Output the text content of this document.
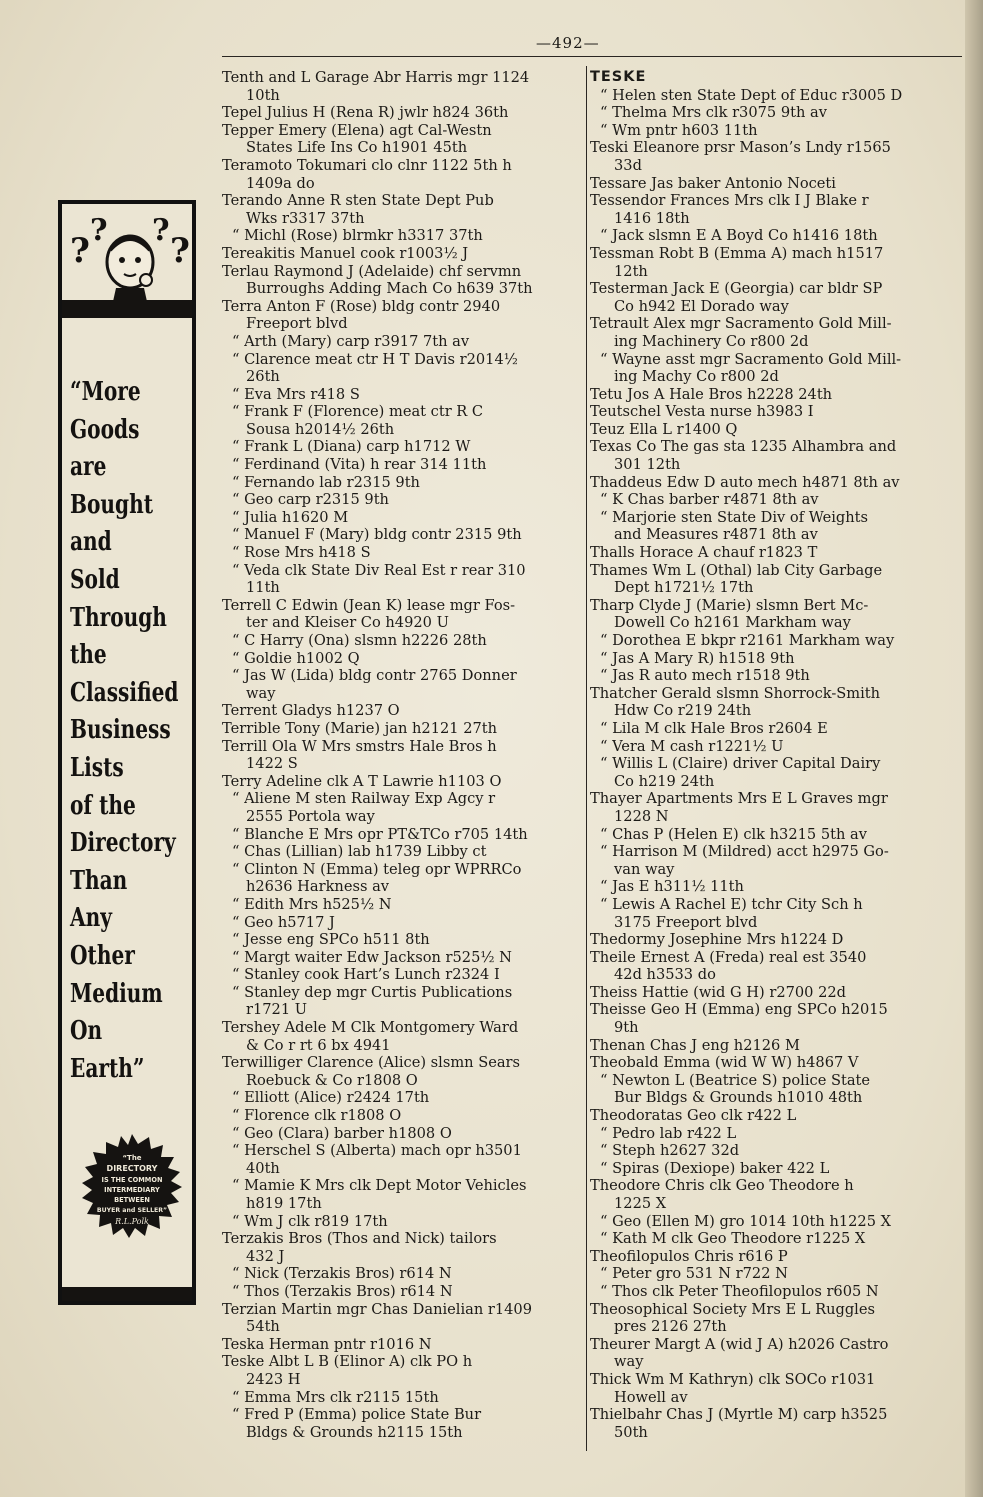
—492—
?
? ?
?
“More
Goods
are
Bought
and
Sold
Through
the
Classified
Business
Lists
of the
Directory
Than
Any
Other
Medium
On
Earth”
“The
DIRECTORY
IS THE COMMON
INTERMEDIARY
BETWEEN
BUYER and SELLER”
R.L.Polk
Tenth and L Garage Abr Harris mgr 1124
10th
Tepel Julius H (Rena R) jwlr h824 36th
Tepper Emery (Elena) agt Cal-Westn
States Life Ins Co h1901 45th
Teramoto Tokumari clo clnr 1122 5th h
1409a do
Terando Anne R sten State Dept Pub
Wks r3317 37th
“ Michl (Rose) blrmkr h3317 37th
Tereakitis Manuel cook r1003½ J
Terlau Raymond J (Adelaide) chf servmn
Burroughs Adding Mach Co h639 37th
Terra Anton F (Rose) bldg contr 2940
Freeport blvd
“ Arth (Mary) carp r3917 7th av
“ Clarence meat ctr H T Davis r2014½
26th
“ Eva Mrs r418 S
“ Frank F (Florence) meat ctr R C
Sousa h2014½ 26th
“ Frank L (Diana) carp h1712 W
“ Ferdinand (Vita) h rear 314 11th
“ Fernando lab r2315 9th
“ Geo carp r2315 9th
“ Julia h1620 M
“ Manuel F (Mary) bldg contr 2315 9th
“ Rose Mrs h418 S
“ Veda clk State Div Real Est r rear 310
11th
Terrell C Edwin (Jean K) lease mgr Fos-
ter and Kleiser Co h4920 U
“ C Harry (Ona) slsmn h2226 28th
“ Goldie h1002 Q
“ Jas W (Lida) bldg contr 2765 Donner
way
Terrent Gladys h1237 O
Terrible Tony (Marie) jan h2121 27th
Terrill Ola W Mrs smstrs Hale Bros h
1422 S
Terry Adeline clk A T Lawrie h1103 O
“ Aliene M sten Railway Exp Agcy r
2555 Portola way
“ Blanche E Mrs opr PT&TCo r705 14th
“ Chas (Lillian) lab h1739 Libby ct
“ Clinton N (Emma) teleg opr WPRRCo
h2636 Harkness av
“ Edith Mrs h525½ N
“ Geo h5717 J
“ Jesse eng SPCo h511 8th
“ Margt waiter Edw Jackson r525½ N
“ Stanley cook Hart’s Lunch r2324 I
“ Stanley dep mgr Curtis Publications
r1721 U
Tershey Adele M Clk Montgomery Ward
& Co r rt 6 bx 4941
Terwilliger Clarence (Alice) slsmn Sears
Roebuck & Co r1808 O
“ Elliott (Alice) r2424 17th
“ Florence clk r1808 O
“ Geo (Clara) barber h1808 O
“ Herschel S (Alberta) mach opr h3501
40th
“ Mamie K Mrs clk Dept Motor Vehicles
h819 17th
“ Wm J clk r819 17th
Terzakis Bros (Thos and Nick) tailors
432 J
“ Nick (Terzakis Bros) r614 N
“ Thos (Terzakis Bros) r614 N
Terzian Martin mgr Chas Danielian r1409
54th
Teska Herman pntr r1016 N
Teske Albt L B (Elinor A) clk PO h
2423 H
“ Emma Mrs clk r2115 15th
“ Fred P (Emma) police State Bur
Bldgs & Grounds h2115 15th
TESKE
“ Helen sten State Dept of Educ r3005 D
“ Thelma Mrs clk r3075 9th av
“ Wm pntr h603 11th
Teski Eleanore prsr Mason’s Lndy r1565
33d
Tessare Jas baker Antonio Noceti
Tessendor Frances Mrs clk I J Blake r
1416 18th
“ Jack slsmn E A Boyd Co h1416 18th
Tessman Robt B (Emma A) mach h1517
12th
Testerman Jack E (Georgia) car bldr SP
Co h942 El Dorado way
Tetrault Alex mgr Sacramento Gold Mill-
ing Machinery Co r800 2d
“ Wayne asst mgr Sacramento Gold Mill-
ing Machy Co r800 2d
Tetu Jos A Hale Bros h2228 24th
Teutschel Vesta nurse h3983 I
Teuz Ella L r1400 Q
Texas Co The gas sta 1235 Alhambra and
301 12th
Thaddeus Edw D auto mech h4871 8th av
“ K Chas barber r4871 8th av
“ Marjorie sten State Div of Weights
and Measures r4871 8th av
Thalls Horace A chauf r1823 T
Thames Wm L (Othal) lab City Garbage
Dept h1721½ 17th
Tharp Clyde J (Marie) slsmn Bert Mc-
Dowell Co h2161 Markham way
“ Dorothea E bkpr r2161 Markham way
“ Jas A Mary R) h1518 9th
“ Jas R auto mech r1518 9th
Thatcher Gerald slsmn Shorrock-Smith
Hdw Co r219 24th
“ Lila M clk Hale Bros r2604 E
“ Vera M cash r1221½ U
“ Willis L (Claire) driver Capital Dairy
Co h219 24th
Thayer Apartments Mrs E L Graves mgr
1228 N
“ Chas P (Helen E) clk h3215 5th av
“ Harrison M (Mildred) acct h2975 Go-
van way
“ Jas E h311½ 11th
“ Lewis A Rachel E) tchr City Sch h
3175 Freeport blvd
Thedormy Josephine Mrs h1224 D
Theile Ernest A (Freda) real est 3540
42d h3533 do
Theiss Hattie (wid G H) r2700 22d
Theisse Geo H (Emma) eng SPCo h2015
9th
Thenan Chas J eng h2126 M
Theobald Emma (wid W W) h4867 V
“ Newton L (Beatrice S) police State
Bur Bldgs & Grounds h1010 48th
Theodoratas Geo clk r422 L
“ Pedro lab r422 L
“ Steph h2627 32d
“ Spiras (Dexiope) baker 422 L
Theodore Chris clk Geo Theodore h
1225 X
“ Geo (Ellen M) gro 1014 10th h1225 X
“ Kath M clk Geo Theodore r1225 X
Theofilopulos Chris r616 P
“ Peter gro 531 N r722 N
“ Thos clk Peter Theofilopulos r605 N
Theosophical Society Mrs E L Ruggles
pres 2126 27th
Theurer Margt A (wid J A) h2026 Castro
way
Thick Wm M Kathryn) clk SOCo r1031
Howell av
Thielbahr Chas J (Myrtle M) carp h3525
50th
